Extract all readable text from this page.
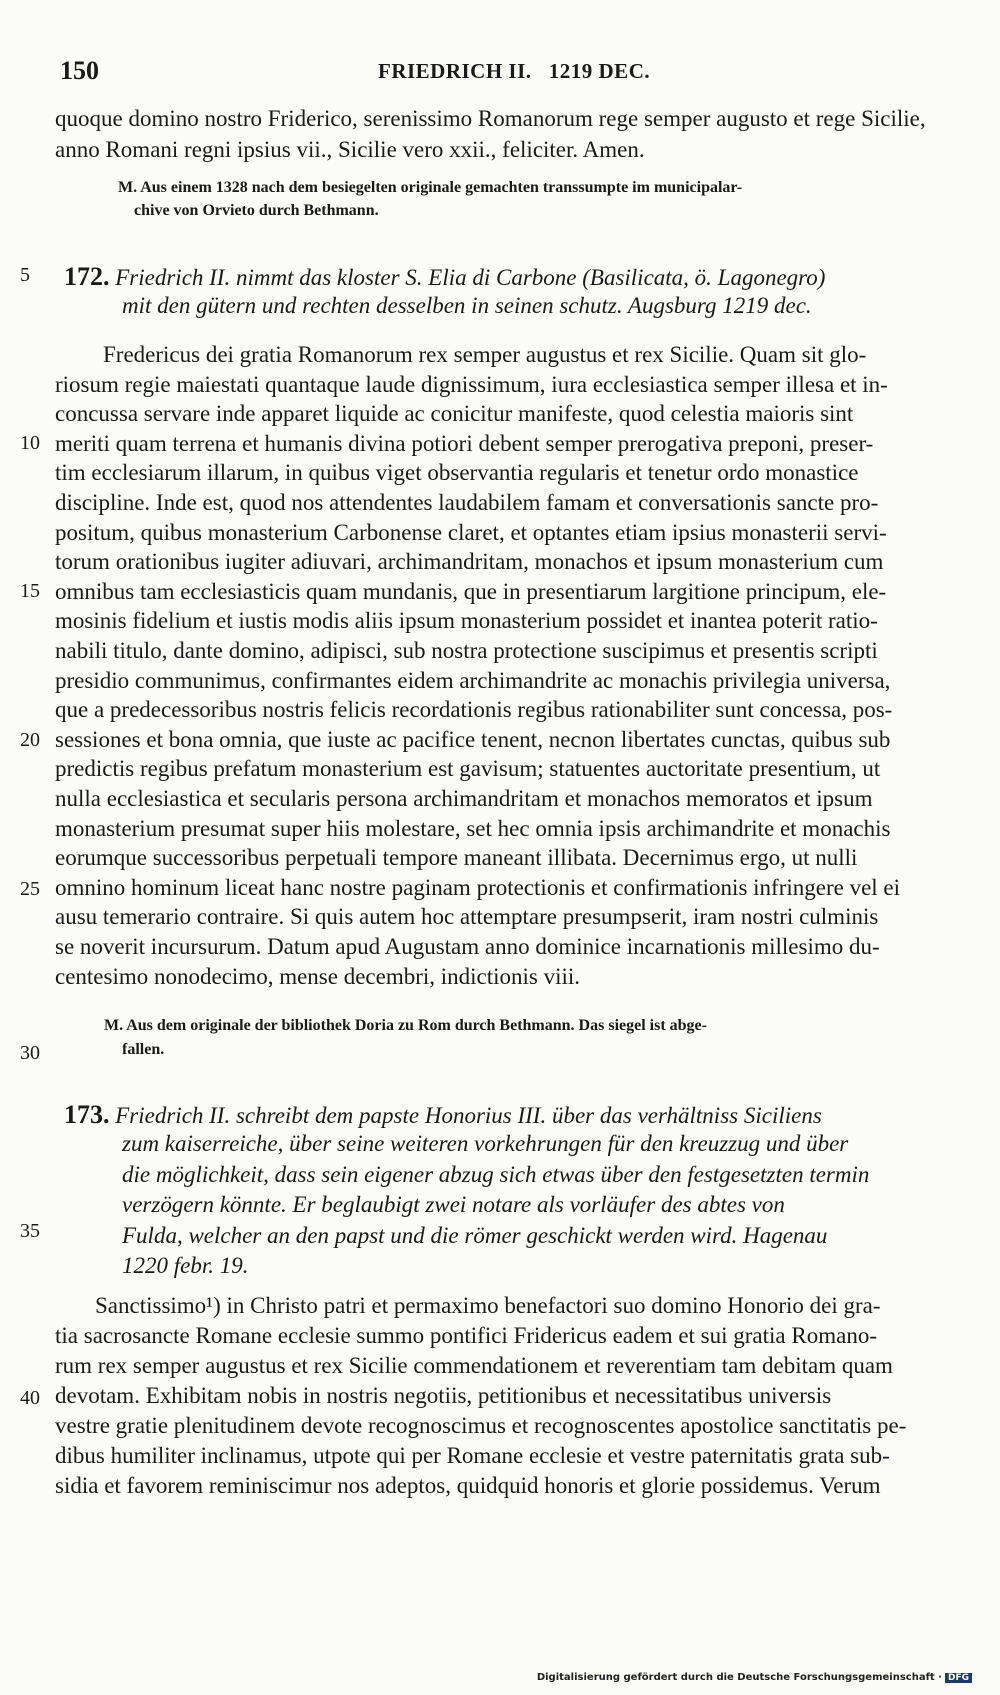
150	FRIEDRICH II.   1219 DEC.
quoque domino nostro Friderico, serenissimo Romanorum rege semper augusto et rege Sicilie,
anno Romani regni ipsius vii., Sicilie vero xxii., feliciter. Amen.
M. Aus einem 1328 nach dem besiegelten originale gemachten transsumpte im municipalar-
chive von Orvieto durch Bethmann.
172. Friedrich II. nimmt das kloster S. Elia di Carbone (Basilicata, ö. Lagonegro)
mit den gütern und rechten desselben in seinen schutz. Augsburg 1219 dec.
Fredericus dei gratia Romanorum rex semper augustus et rex Sicilie. Quam sit glo-
riosum regie maiestati quantaque laude dignissimum, iura ecclesiastica semper illesa et in-
concussa servare inde apparet liquide ac conicitur manifeste, quod celestia maioris sint
meriti quam terrena et humanis divina potiori debent semper prerogativa preponi, preser-
tim ecclesiarum illarum, in quibus viget observantia regularis et tenetur ordo monastice
discipline. Inde est, quod nos attendentes laudabilem famam et conversationis sancte pro-
positum, quibus monasterium Carbonense claret, et optantes etiam ipsius monasterii servi-
torum orationibus iugiter adiuvari, archimandritam, monachos et ipsum monasterium cum
omnibus tam ecclesiasticis quam mundanis, que in presentiarum largitione principum, ele-
mosinis fidelium et iustis modis aliis ipsum monasterium possidet et inantea poterit ratio-
nabili titulo, dante domino, adipisci, sub nostra protectione suscipimus et presentis scripti
presidio communimus, confirmantes eidem archimandrite ac monachis privilegia universa,
que a predecessoribus nostris felicis recordationis regibus rationabiliter sunt concessa, pos-
sessiones et bona omnia, que iuste ac pacifice tenent, necnon libertates cunctas, quibus sub
predictis regibus prefatum monasterium est gavisum; statuentes auctoritate presentium, ut
nulla ecclesiastica et secularis persona archimandritam et monachos memoratos et ipsum
monasterium presumat super hiis molestare, set hec omnia ipsis archimandrite et monachis
eorumque successoribus perpetuali tempore maneant illibata. Decernimus ergo, ut nulli
omnino hominum liceat hanc nostre paginam protectionis et confirmationis infringere vel ei
ausu temerario contraire. Si quis autem hoc attemptare presumpserit, iram nostri culminis
se noverit incursurum. Datum apud Augustam anno dominice incarnationis millesimo du-
centesimo nonodecimo, mense decembri, indictionis viii.
M. Aus dem originale der bibliothek Doria zu Rom durch Bethmann. Das siegel ist abge-
fallen.
173. Friedrich II. schreibt dem papste Honorius III. über das verhältniss Siciliens
zum kaiserreiche, über seine weiteren vorkehrungen für den kreuzzug und über
die möglichkeit, dass sein eigener abzug sich etwas über den festgesetzten termin
verzögern könnte. Er beglaubigt zwei notare als vorläufer des abtes von
Fulda, welcher an den papst und die römer geschickt werden wird. Hagenau
1220 febr. 19.
Sanctissimo¹) in Christo patri et permaximo benefactori suo domino Honorio dei gra-
tia sacrosancte Romane ecclesie summo pontifici Fridericus eadem et sui gratia Romano-
rum rex semper augustus et rex Sicilie commendationem et reverentiam tam debitam quam
devotam. Exhibitam nobis in nostris negotiis, petitionibus et necessitatibus universis
vestre gratie plenitudinem devote recognoscimus et recognoscentes apostolice sanctitatis pe-
dibus humiliter inclinamus, utpote qui per Romane ecclesie et vestre paternitatis grata sub-
sidia et favorem reminiscimur nos adeptos, quidquid honoris et glorie possidemus. Verum
5
10
15
20
25
30
35
40
Digitalisierung gefördert durch die Deutsche Forschungsgemeinschaft · DFG
